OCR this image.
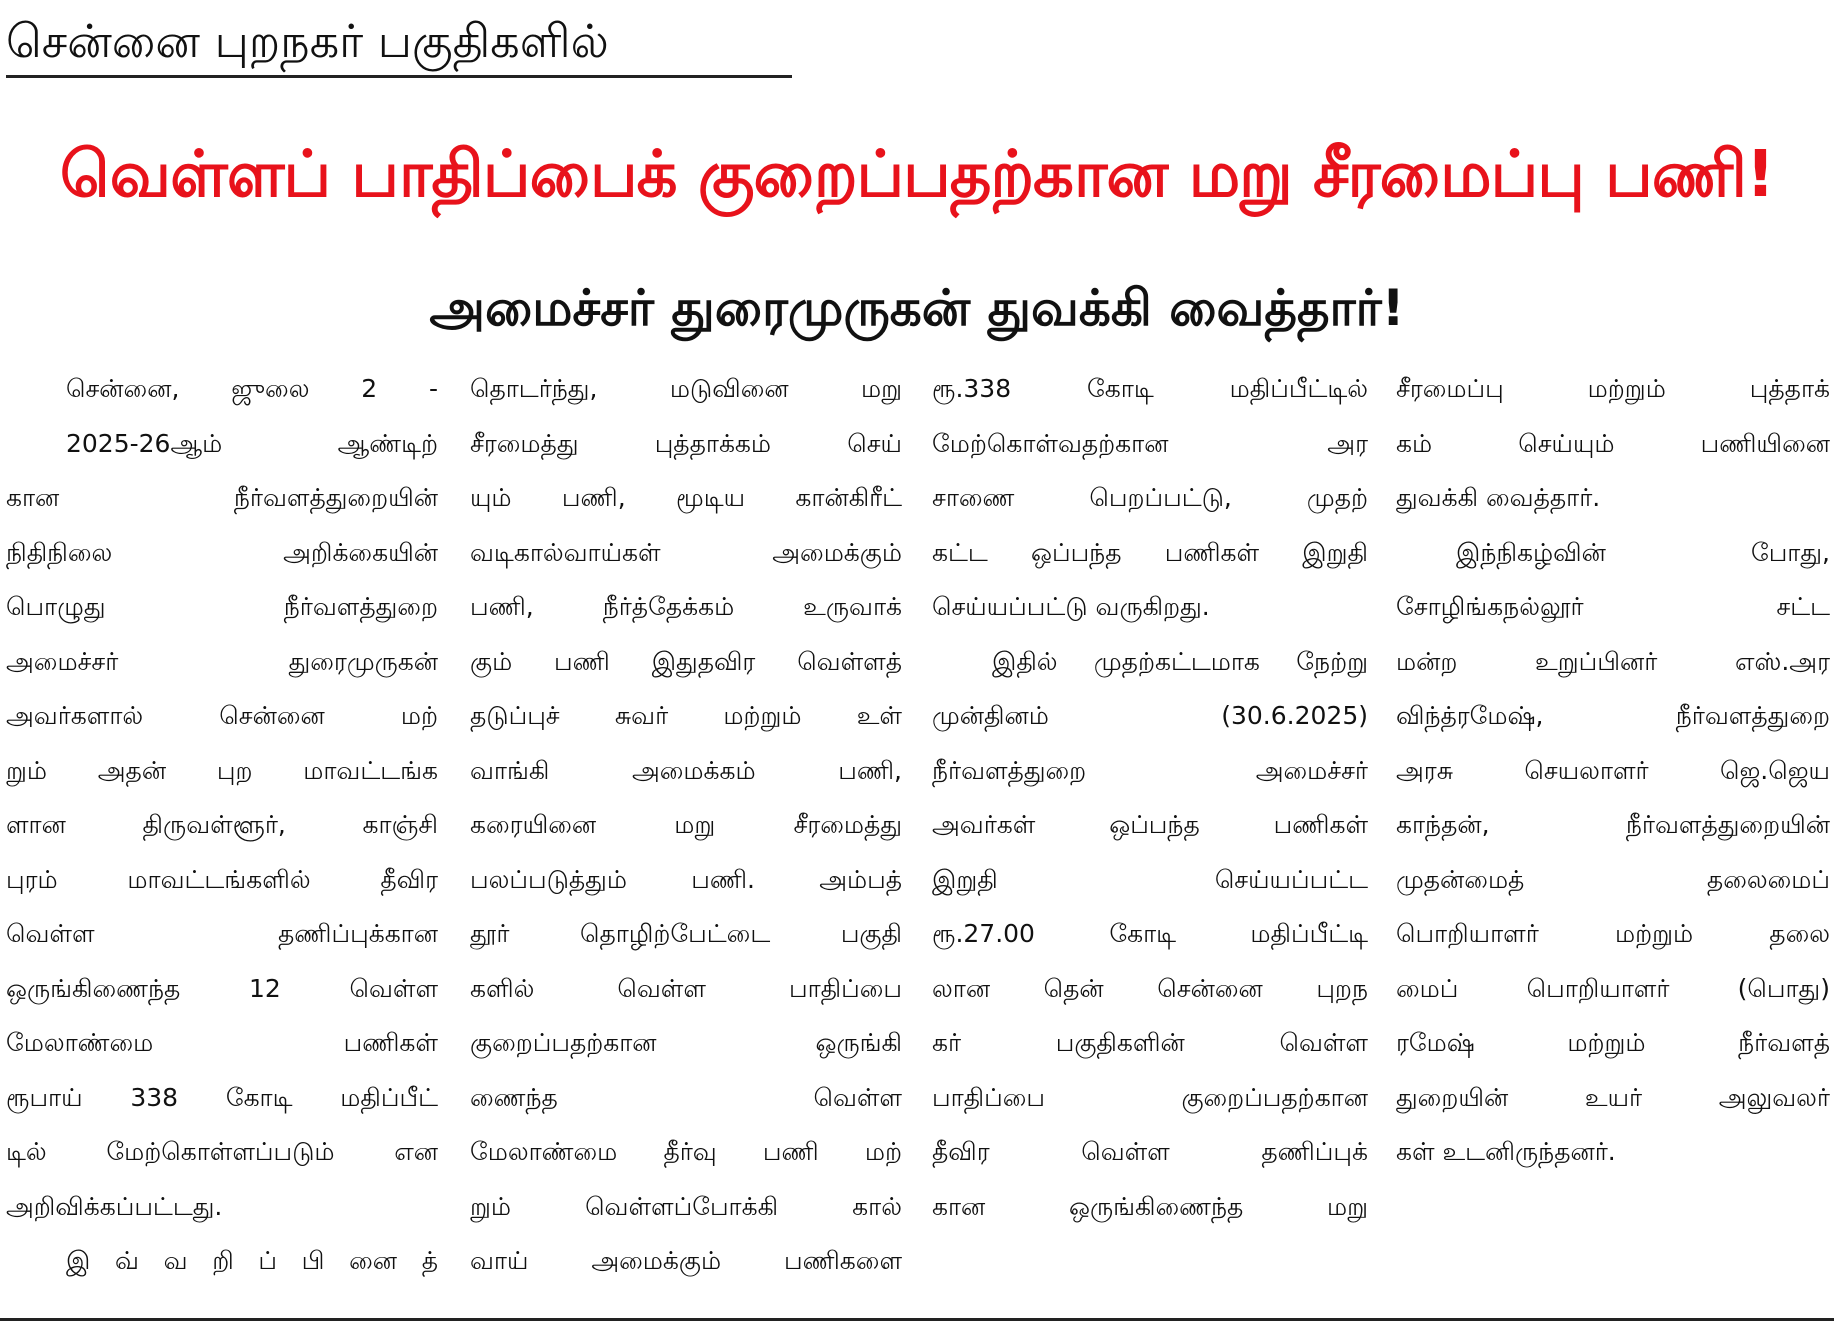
சென்னை புறநகர் பகுதிகளில்
வெள்ளப் பாதிப்பைக் குறைப்பதற்கான மறு சீரமைப்பு பணி!
அமைச்சர் துரைமுருகன் துவக்கி வைத்தார்!
சென்னை, ஜுலை 2 -
2025-26ஆம் ஆண்டிற்
கான நீர்வளத்துறையின்
நிதிநிலை அறிக்கையின்
பொழுது நீர்வளத்துறை
அமைச்சர் துரைமுருகன்
அவர்களால் சென்னை மற்
றும் அதன் புற மாவட்டங்க
ளான திருவள்ளூர், காஞ்சி
புரம் மாவட்டங்களில் தீவிர
வெள்ள தணிப்புக்கான
ஒருங்கிணைந்த 12 வெள்ள
மேலாண்மை பணிகள்
ரூபாய் 338 கோடி மதிப்பீட்
டில் மேற்கொள்ளப்படும் என
அறிவிக்கப்பட்டது.
இ வ் வ றி ப் பி னை த்
தொடர்ந்து, மடுவினை மறு
சீரமைத்து புத்தாக்கம் செய்
யும் பணி, மூடிய கான்கிரீட்
வடிகால்வாய்கள் அமைக்கும்
பணி, நீர்த்தேக்கம் உருவாக்
கும் பணி இதுதவிர வெள்ளத்
தடுப்புச் சுவர் மற்றும் உள்
வாங்கி அமைக்கம் பணி,
கரையினை மறு சீரமைத்து
பலப்படுத்தும் பணி. அம்பத்
தூர் தொழிற்பேட்டை பகுதி
களில் வெள்ள பாதிப்பை
குறைப்பதற்கான ஒருங்கி
ணைந்த வெள்ள
மேலாண்மை தீர்வு பணி மற்
றும் வெள்ளப்போக்கி கால்
வாய் அமைக்கும் பணிகளை
ரூ.338 கோடி மதிப்பீட்டில்
மேற்கொள்வதற்கான அர
சாணை பெறப்பட்டு, முதற்
கட்ட ஒப்பந்த பணிகள் இறுதி
செய்யப்பட்டு வருகிறது.
இதில் முதற்கட்டமாக நேற்று
முன்தினம் (30.6.2025)
நீர்வளத்துறை அமைச்சர்
அவர்கள் ஒப்பந்த பணிகள்
இறுதி செய்யப்பட்ட
ரூ.27.00 கோடி மதிப்பீட்டி
லான தென் சென்னை புறந
கர் பகுதிகளின் வெள்ள
பாதிப்பை குறைப்பதற்கான
தீவிர வெள்ள தணிப்புக்
கான ஒருங்கிணைந்த மறு
சீரமைப்பு மற்றும் புத்தாக்
கம் செய்யும் பணியினை
துவக்கி வைத்தார்.
இந்நிகழ்வின் போது,
சோழிங்கநல்லூர் சட்ட
மன்ற உறுப்பினர் எஸ்.அர
விந்த்ரமேஷ், நீர்வளத்துறை
அரசு செயலாளர் ஜெ.ஜெய
காந்தன், நீர்வளத்துறையின்
முதன்மைத் தலைமைப்
பொறியாளர் மற்றும் தலை
மைப் பொறியாளர் (பொது)
ரமேஷ் மற்றும் நீர்வளத்
துறையின் உயர் அலுவலர்
கள் உடனிருந்தனர்.
